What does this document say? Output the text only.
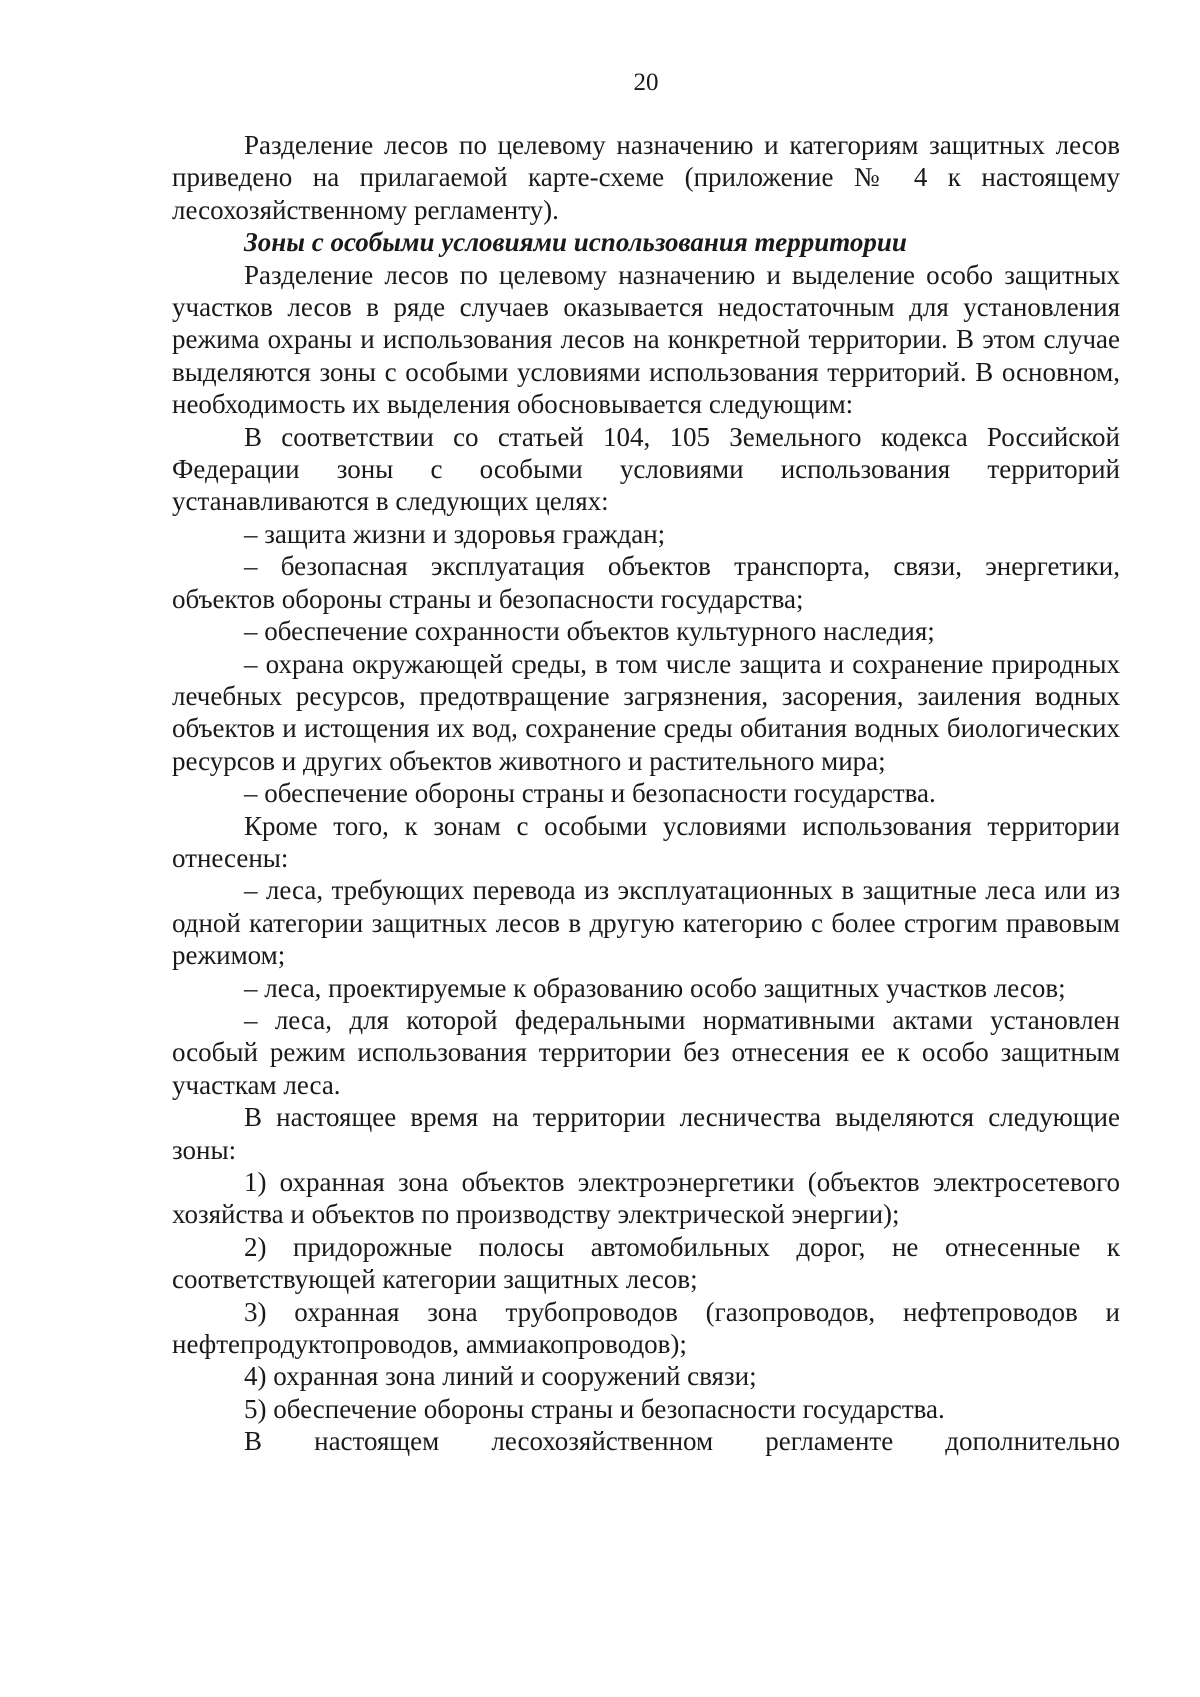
20

Разделение лесов по целевому назначению и категориям защитных лесов приведено на прилагаемой карте-схеме (приложение № 4 к настоящему лесохозяйственному регламенту).

Зоны с особыми условиями использования территории

Разделение лесов по целевому назначению и выделение особо защитных участков лесов в ряде случаев оказывается недостаточным для установления режима охраны и использования лесов на конкретной территории. В этом случае выделяются зоны с особыми условиями использования территорий. В основном, необходимость их выделения обосновывается следующим:

В соответствии со статьей 104, 105 Земельного кодекса Российской Федерации зоны с особыми условиями использования территорий устанавливаются в следующих целях:

– защита жизни и здоровья граждан;

– безопасная эксплуатация объектов транспорта, связи, энергетики, объектов обороны страны и безопасности государства;

– обеспечение сохранности объектов культурного наследия;

– охрана окружающей среды, в том числе защита и сохранение природных лечебных ресурсов, предотвращение загрязнения, засорения, заиления водных объектов и истощения их вод, сохранение среды обитания водных биологических ресурсов и других объектов животного и растительного мира;

– обеспечение обороны страны и безопасности государства.

Кроме того, к зонам с особыми условиями использования территории отнесены:

– леса, требующих перевода из эксплуатационных в защитные леса или из одной категории защитных лесов в другую категорию с более строгим правовым режимом;

– леса, проектируемые к образованию особо защитных участков лесов;

– леса, для которой федеральными нормативными актами установлен особый режим использования территории без отнесения ее к особо защитным участкам леса.

В настоящее время на территории лесничества выделяются следующие зоны:

1) охранная зона объектов электроэнергетики (объектов электросетевого хозяйства и объектов по производству электрической энергии);

2) придорожные полосы автомобильных дорог, не отнесенные к соответствующей категории защитных лесов;

3) охранная зона трубопроводов (газопроводов, нефтепроводов и нефтепродуктопроводов, аммиакопроводов);

4) охранная зона линий и сооружений связи;

5) обеспечение обороны страны и безопасности государства.

В настоящем лесохозяйственном регламенте дополнительно
